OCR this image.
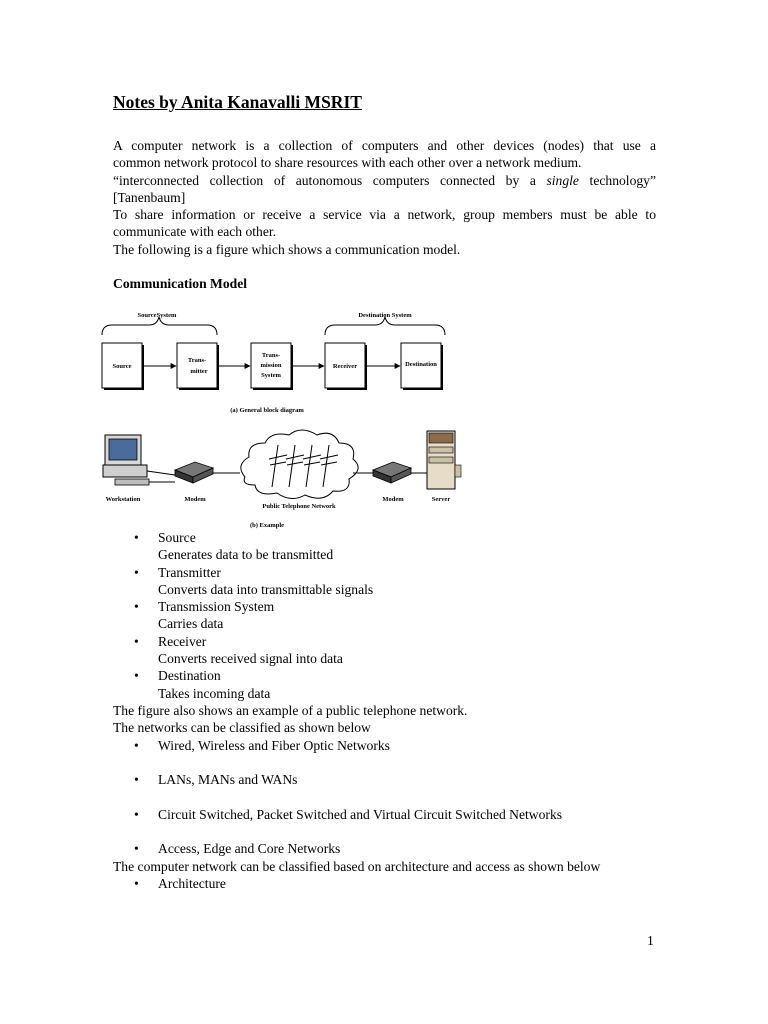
Notes by Anita Kanavalli MSRIT

A computer network is a collection of computers and other devices (nodes) that use a

common network protocol to share resources with each other over a network medium.

“interconnected collection of autonomous computers connected by a single technology”

[Tanenbaum]

To share information or receive a service via a network, group members must be able to

communicate with each other.

The following is a figure which shows a communication model.

Communication Model
SourceSystem	Destination System
Source
Trans-
mitter
Trans-
mission
System
Receiver	Destination
(a) General block diagram
Workstation	Modem
Public Telephone Network
Modem	Server
(b) Example
• Source
Generates data to be transmitted
• Transmitter
Converts data into transmittable signals
• Transmission System
Carries data
• Receiver
Converts received signal into data
• Destination
Takes incoming data
The figure also shows an example of a public telephone network.
The networks can be classified as shown below
• Wired, Wireless and Fiber Optic Networks
• LANs, MANs and WANs
• Circuit Switched, Packet Switched and Virtual Circuit Switched Networks
• Access, Edge and Core Networks
The computer network can be classified based on architecture and access as shown below
• Architecture
1
